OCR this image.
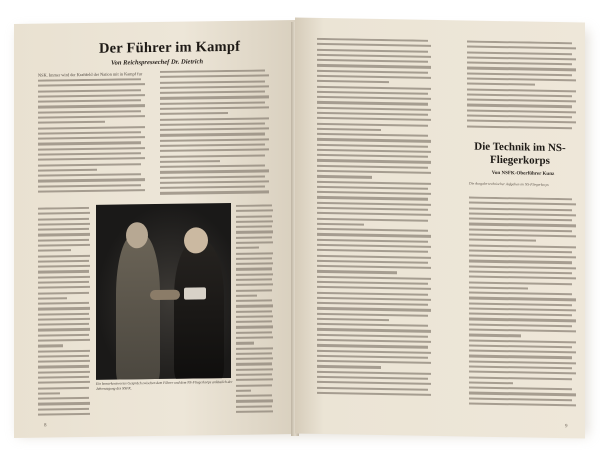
Der Führer im Kampf
Von Reichspressechef Dr. Dietrich
NSK. Immer wird der Kraftfeld der Nation mit in Kampf fur
Ein bemerkenswertes Gespräch zwischen dem Führer und dem NS-Fliegerkorps anlässlich der Jahrestagung des NSFK.
8
Die Technik im NS-Fliegerkorps
Von NSFK-Oberführer Kunz
Die Ausgabe technischer Aufgaben im NS-Fliegerkorps
9
